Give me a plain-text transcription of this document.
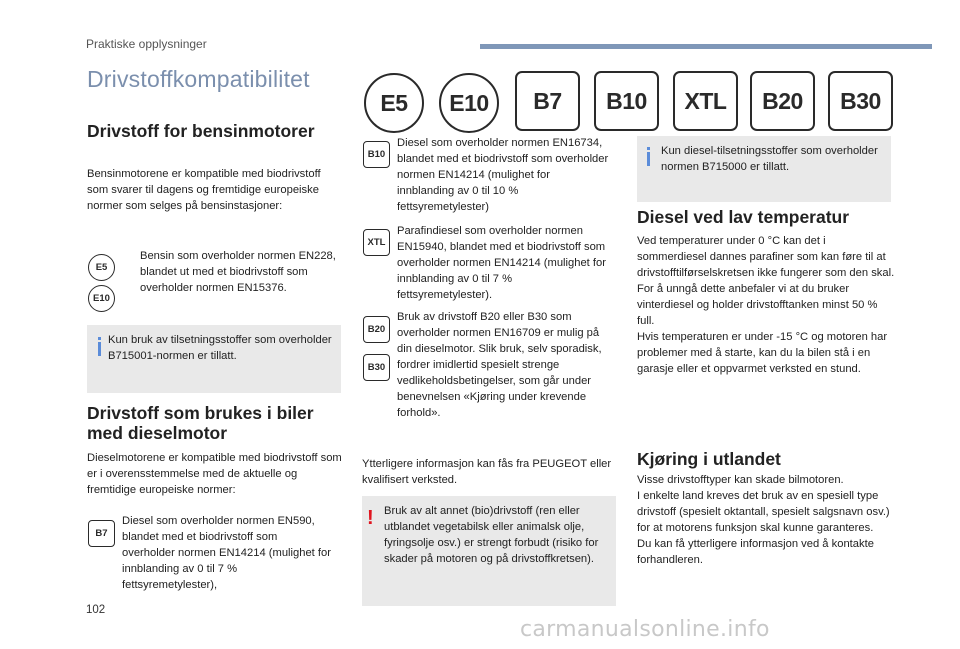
Praktiske opplysninger
Drivstoffkompatibilitet
E5	E10	B7	B10	XTL	B20	B30
Drivstoff for bensinmotorer

Bensinmotorene er kompatible med biodrivstoff som svarer til dagens og fremtidige europeiske normer som selges på bensinstasjoner:

E5
E10

Bensin som overholder normen EN228, blandet ut med et biodrivstoff som overholder normen EN15376.

Kun bruk av tilsetningsstoffer som overholder B715001-normen er tillatt.

Drivstoff som brukes i biler med dieselmotor

Dieselmotorene er kompatible med biodrivstoff som er i overensstemmelse med de aktuelle og fremtidige europeiske normer:

B7

Diesel som overholder normen EN590, blandet med et biodrivstoff som overholder normen EN14214 (mulighet for innblanding av 0 til 7 % fettsyremetylester),

B10

Diesel som overholder normen EN16734, blandet med et biodrivstoff som overholder normen EN14214 (mulighet for innblanding av 0 til 10 % fettsyremetylester)

XTL

Parafindiesel som overholder normen EN15940, blandet med et biodrivstoff som overholder normen EN14214 (mulighet for innblanding av 0 til 7 % fettsyremetylester).

B20
B30

Bruk av drivstoff B20 eller B30 som overholder normen EN16709 er mulig på din dieselmotor. Slik bruk, selv sporadisk, fordrer imidlertid spesielt strenge vedlikeholdsbetingelser, som går under benevnelsen «Kjøring under krevende forhold».

Ytterligere informasjon kan fås fra PEUGEOT eller kvalifisert verksted.

! Bruk av alt annet (bio)drivstoff (ren eller utblandet vegetabilsk eller animalsk olje, fyringsolje osv.) er strengt forbudt (risiko for skader på motoren og på drivstoffkretsen).

Kun diesel-tilsetningsstoffer som overholder normen B715000 er tillatt.

Diesel ved lav temperatur

Ved temperaturer under 0 °C kan det i sommerdiesel dannes parafiner som kan føre til at drivstofftilførselskretsen ikke fungerer som den skal. For å unngå dette anbefaler vi at du bruker vinterdiesel og holder drivstofftanken minst 50 % full.
Hvis temperaturen er under -15 °C og motoren har problemer med å starte, kan du la bilen stå i en garasje eller et oppvarmet verksted en stund.

Kjøring i utlandet

Visse drivstofftyper kan skade bilmotoren.
I enkelte land kreves det bruk av en spesiell type drivstoff (spesielt oktantall, spesielt salgsnavn osv.) for at motorens funksjon skal kunne garanteres.
Du kan få ytterligere informasjon ved å kontakte forhandleren.

102
carmanualsonline.info
